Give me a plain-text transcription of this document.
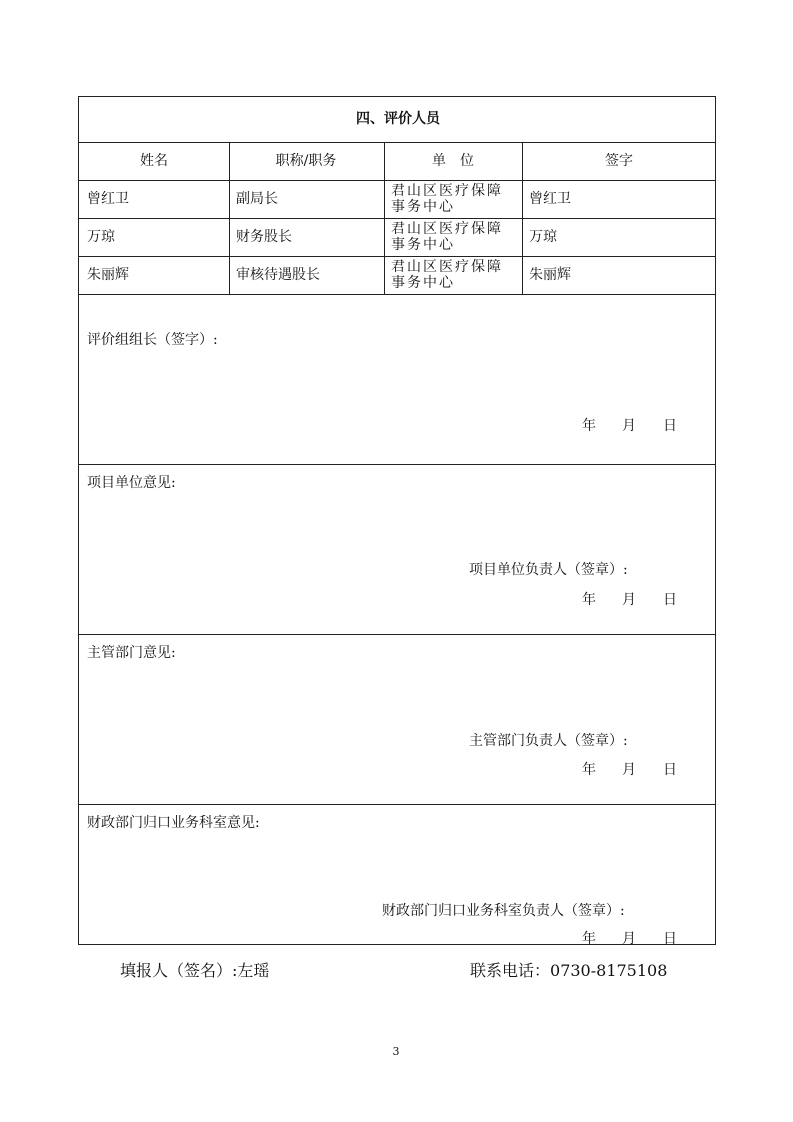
四、评价人员
姓名	职称/职务	单　位	签字
曾红卫	副局长	君山区医疗保障事务中心	曾红卫
万琼	财务股长	君山区医疗保障事务中心	万琼
朱丽辉	审核待遇股长	君山区医疗保障事务中心	朱丽辉
评价组组长（签字）:
年 月 日
项目单位意见:
项目单位负责人（签章）:
年 月 日
主管部门意见:
主管部门负责人（签章）:
年 月 日
财政部门归口业务科室意见:
财政部门归口业务科室负责人（签章）:
年 月 日
填报人（签名）:左瑶	联系电话：0730-8175108
3
